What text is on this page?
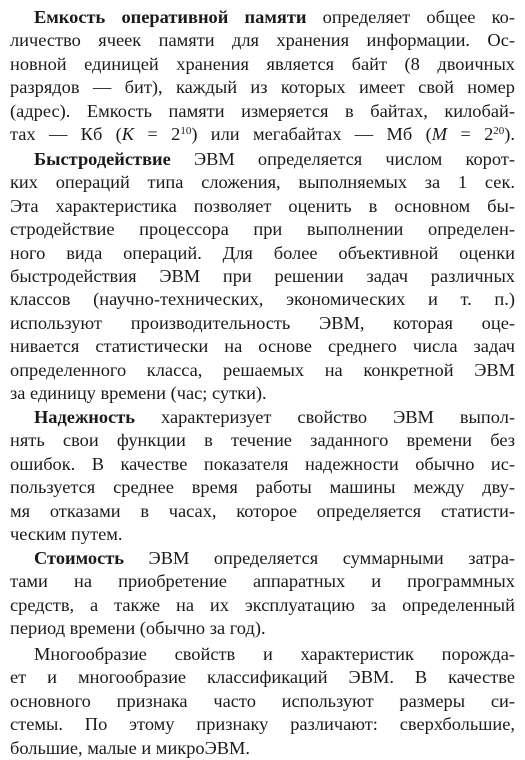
Емкость оперативной памяти определяет общее ко-
личество ячеек памяти для хранения информации. Ос-
новной единицей хранения является байт (8 двоичных
разрядов — бит), каждый из которых имеет свой номер
(адрес). Емкость памяти измеряется в байтах, килобай-
тах — Кб $(K = 2^{10})$ или мегабайтах — Мб $(M = 2^{20})$.

Быстродействие ЭВМ определяется числом корот-
ких операций типа сложения, выполняемых за 1 сек.
Эта характеристика позволяет оценить в основном бы-
стродействие процессора при выполнении определен-
ного вида операций. Для более объективной оценки
быстродействия ЭВМ при решении задач различных
классов (научно-технических, экономических и т. п.)
используют производительность ЭВМ, которая оце-
нивается статистически на основе среднего числа задач
определенного класса, решаемых на конкретной ЭВМ
за единицу времени (час; сутки).

Надежность характеризует свойство ЭВМ выпол-
нять свои функции в течение заданного времени без
ошибок. В качестве показателя надежности обычно ис-
пользуется среднее время работы машины между дву-
мя отказами в часах, которое определяется статисти-
ческим путем.

Стоимость ЭВМ определяется суммарными затра-
тами на приобретение аппаратных и программных
средств, а также на их эксплуатацию за определенный
период времени (обычно за год).

Многообразие свойств и характеристик порожда-
ет и многообразие классификаций ЭВМ. В качестве
основного признака часто используют размеры си-
стемы. По этому признаку различают: сверхбольшие,
большие, малые и микроЭВМ.
